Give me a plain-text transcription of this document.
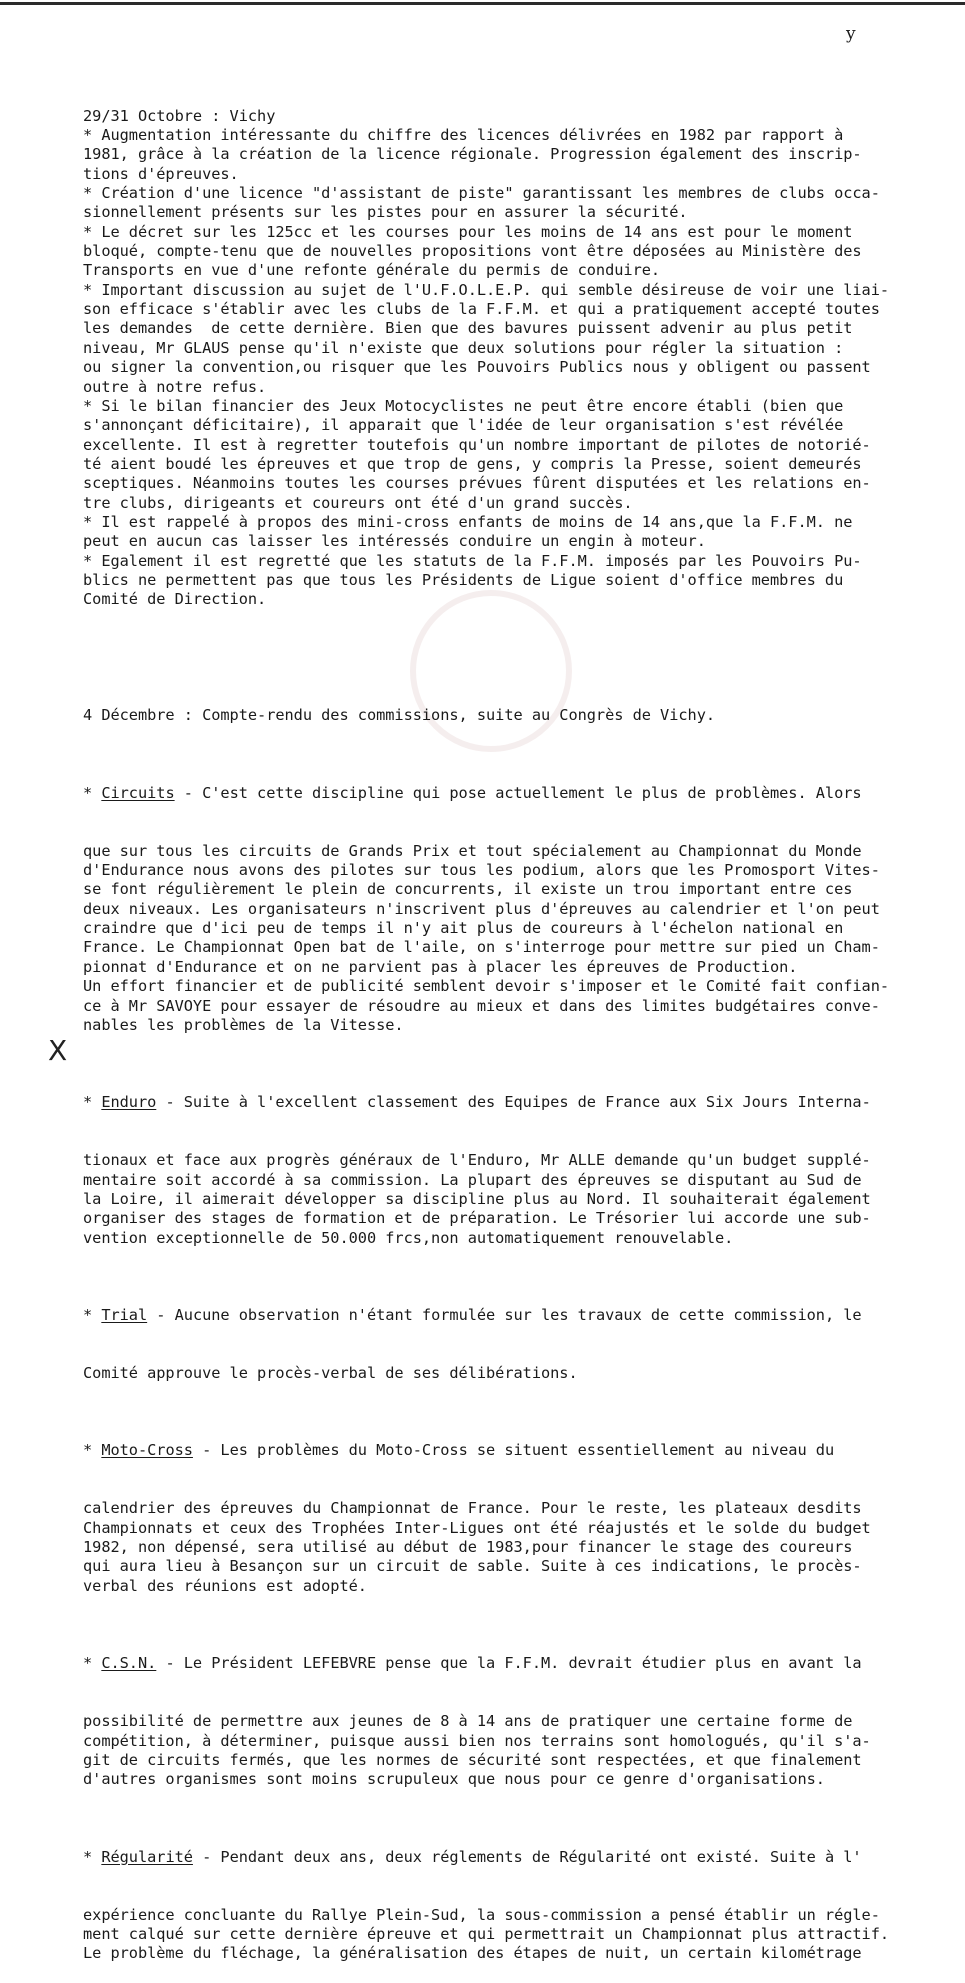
y
X

29/31 Octobre : Vichy
* Augmentation intéressante du chiffre des licences délivrées en 1982 par rapport à
1981, grâce à la création de la licence régionale. Progression également des inscrip-
tions d'épreuves.
* Création d'une licence "d'assistant de piste" garantissant les membres de clubs occa-
sionnellement présents sur les pistes pour en assurer la sécurité.
* Le décret sur les 125cc et les courses pour les moins de 14 ans est pour le moment
bloqué, compte-tenu que de nouvelles propositions vont être déposées au Ministère des
Transports en vue d'une refonte générale du permis de conduire.
* Important discussion au sujet de l'U.F.O.L.E.P. qui semble désireuse de voir une liai-
son efficace s'établir avec les clubs de la F.F.M. et qui a pratiquement accepté toutes
les demandes  de cette dernière. Bien que des bavures puissent advenir au plus petit
niveau, Mr GLAUS pense qu'il n'existe que deux solutions pour régler la situation :
ou signer la convention,ou risquer que les Pouvoirs Publics nous y obligent ou passent
outre à notre refus.
* Si le bilan financier des Jeux Motocyclistes ne peut être encore établi (bien que
s'annonçant déficitaire), il apparait que l'idée de leur organisation s'est révélée
excellente. Il est à regretter toutefois qu'un nombre important de pilotes de notorié-
té aient boudé les épreuves et que trop de gens, y compris la Presse, soient demeurés
sceptiques. Néanmoins toutes les courses prévues fûrent disputées et les relations en-
tre clubs, dirigeants et coureurs ont été d'un grand succès.
* Il est rappelé à propos des mini-cross enfants de moins de 14 ans,que la F.F.M. ne
peut en aucun cas laisser les intéressés conduire un engin à moteur.
* Egalement il est regretté que les statuts de la F.F.M. imposés par les Pouvoirs Pu-
blics ne permettent pas que tous les Présidents de Ligue soient d'office membres du
Comité de Direction.

4 Décembre : Compte-rendu des commissions, suite au Congrès de Vichy.

* Circuits - C'est cette discipline qui pose actuellement le plus de problèmes. Alors

que sur tous les circuits de Grands Prix et tout spécialement au Championnat du Monde
d'Endurance nous avons des pilotes sur tous les podium, alors que les Promosport Vites-
se font régulièrement le plein de concurrents, il existe un trou important entre ces
deux niveaux. Les organisateurs n'inscrivent plus d'épreuves au calendrier et l'on peut
craindre que d'ici peu de temps il n'y ait plus de coureurs à l'échelon national en
France. Le Championnat Open bat de l'aile, on s'interroge pour mettre sur pied un Cham-
pionnat d'Endurance et on ne parvient pas à placer les épreuves de Production.
Un effort financier et de publicité semblent devoir s'imposer et le Comité fait confian-
ce à Mr SAVOYE pour essayer de résoudre au mieux et dans des limites budgétaires conve-
nables les problèmes de la Vitesse.

* Enduro - Suite à l'excellent classement des Equipes de France aux Six Jours Interna-

tionaux et face aux progrès généraux de l'Enduro, Mr ALLE demande qu'un budget supplé-
mentaire soit accordé à sa commission. La plupart des épreuves se disputant au Sud de
la Loire, il aimerait développer sa discipline plus au Nord. Il souhaiterait également
organiser des stages de formation et de préparation. Le Trésorier lui accorde une sub-
vention exceptionnelle de 50.000 frcs,non automatiquement renouvelable.

* Trial - Aucune observation n'étant formulée sur les travaux de cette commission, le

Comité approuve le procès-verbal de ses délibérations.

* Moto-Cross - Les problèmes du Moto-Cross se situent essentiellement au niveau du

calendrier des épreuves du Championnat de France. Pour le reste, les plateaux desdits
Championnats et ceux des Trophées Inter-Ligues ont été réajustés et le solde du budget
1982, non dépensé, sera utilisé au début de 1983,pour financer le stage des coureurs
qui aura lieu à Besançon sur un circuit de sable. Suite à ces indications, le procès-
verbal des réunions est adopté.

* C.S.N. - Le Président LEFEBVRE pense que la F.F.M. devrait étudier plus en avant la

possibilité de permettre aux jeunes de 8 à 14 ans de pratiquer une certaine forme de
compétition, à déterminer, puisque aussi bien nos terrains sont homologués, qu'il s'a-
git de circuits fermés, que les normes de sécurité sont respectées, et que finalement
d'autres organismes sont moins scrupuleux que nous pour ce genre d'organisations.

* Régularité - Pendant deux ans, deux réglements de Régularité ont existé. Suite à l'

expérience concluante du Rallye Plein-Sud, la sous-commission a pensé établir un régle-
ment calqué sur cette dernière épreuve et qui permettrait un Championnat plus attractif.
Le problème du fléchage, la généralisation des étapes de nuit, un certain kilométrage
